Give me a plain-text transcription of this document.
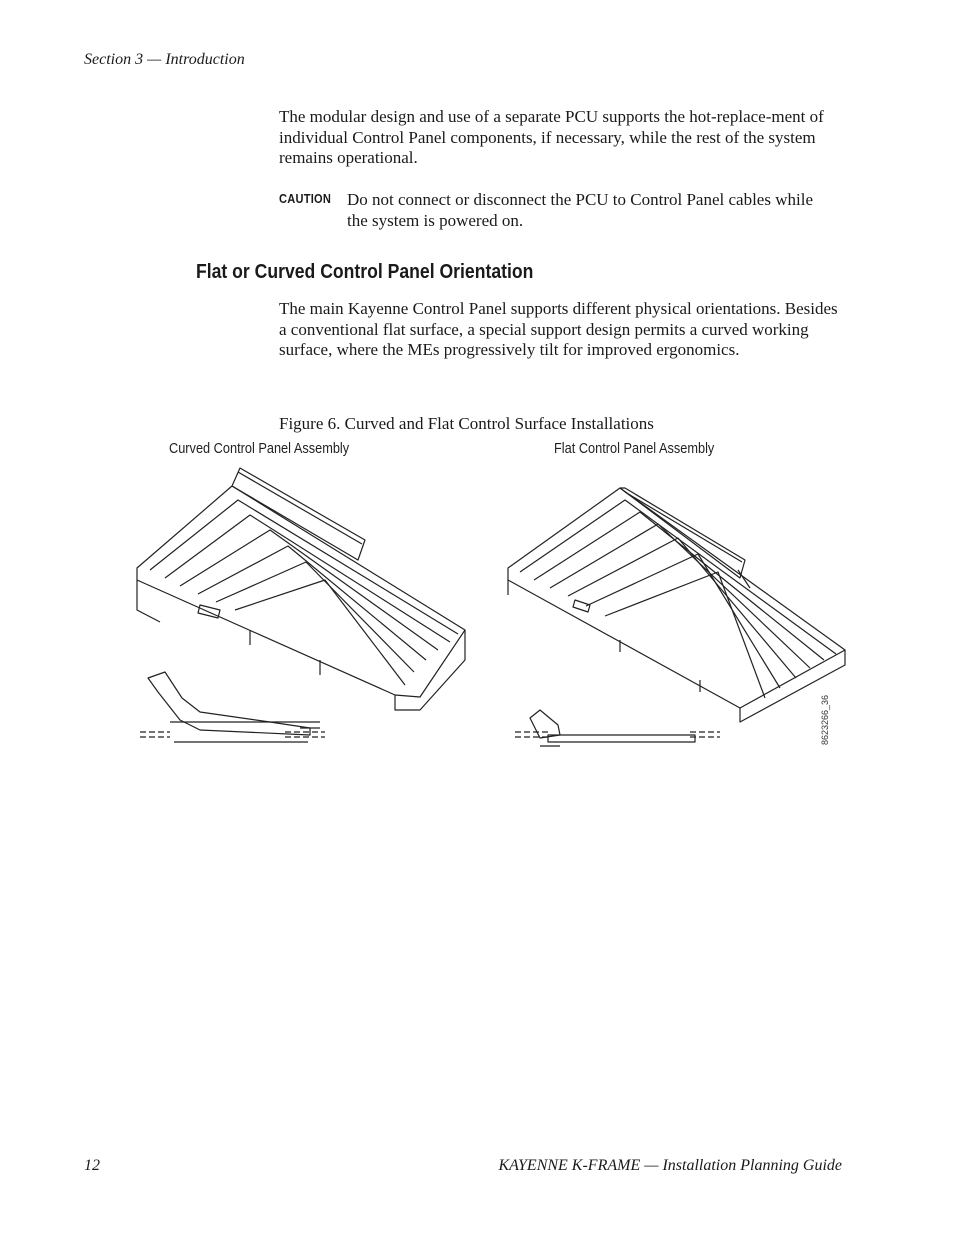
Section 3 — Introduction
The modular design and use of a separate PCU supports the hot-replace-ment of individual Control Panel components, if necessary, while the rest of the system remains operational.
CAUTION Do not connect or disconnect the PCU to Control Panel cables while the system is powered on.
Flat or Curved Control Panel Orientation
The main Kayenne Control Panel supports different physical orientations. Besides a conventional flat surface, a special support design permits a curved working surface, where the MEs progressively tilt for improved ergonomics.
Figure 6. Curved and Flat Control Surface Installations
Curved Control Panel Assembly	Flat Control Panel Assembly
8623266_36
12	KAYENNE K-FRAME — Installation Planning Guide
